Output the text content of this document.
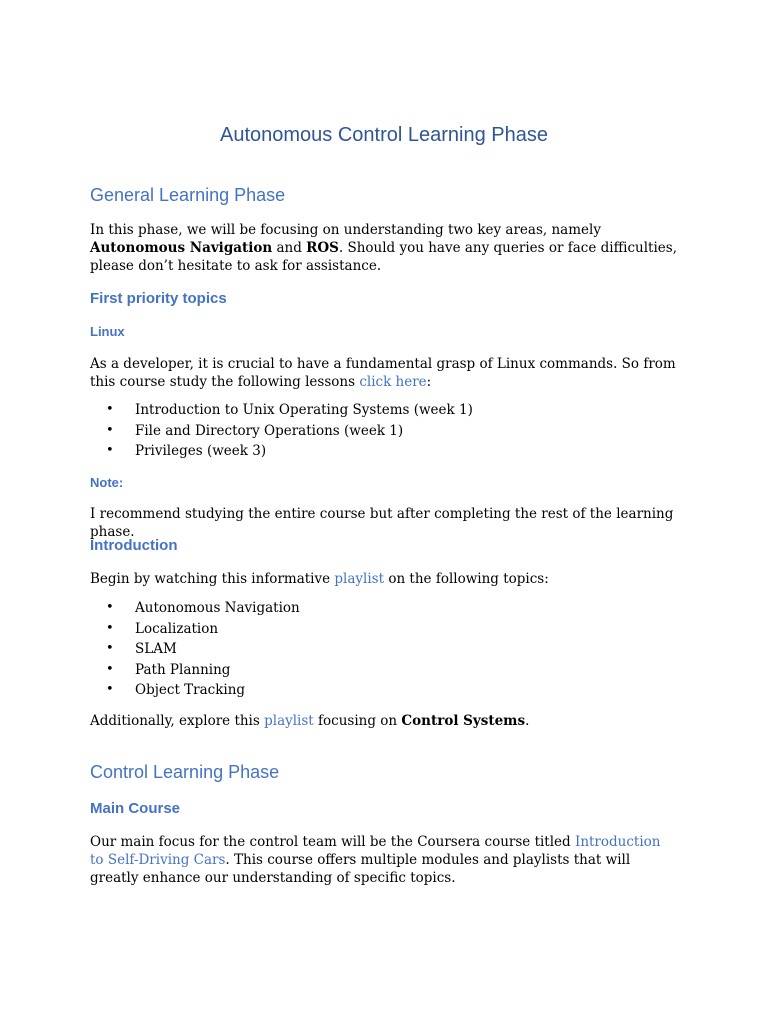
Autonomous Control Learning Phase
General Learning Phase
In this phase, we will be focusing on understanding two key areas, namely Autonomous Navigation and ROS. Should you have any queries or face difficulties, please don’t hesitate to ask for assistance.
First priority topics
Linux
As a developer, it is crucial to have a fundamental grasp of Linux commands. So from this course study the following lessons click here:
• Introduction to Unix Operating Systems (week 1)
• File and Directory Operations (week 1)
• Privileges (week 3)
Note:
I recommend studying the entire course but after completing the rest of the learning phase.
Introduction
Begin by watching this informative playlist on the following topics:
• Autonomous Navigation
• Localization
• SLAM
• Path Planning
• Object Tracking
Additionally, explore this playlist focusing on Control Systems.
Control Learning Phase
Main Course
Our main focus for the control team will be the Coursera course titled Introduction to Self-Driving Cars. This course offers multiple modules and playlists that will greatly enhance our understanding of specific topics.
